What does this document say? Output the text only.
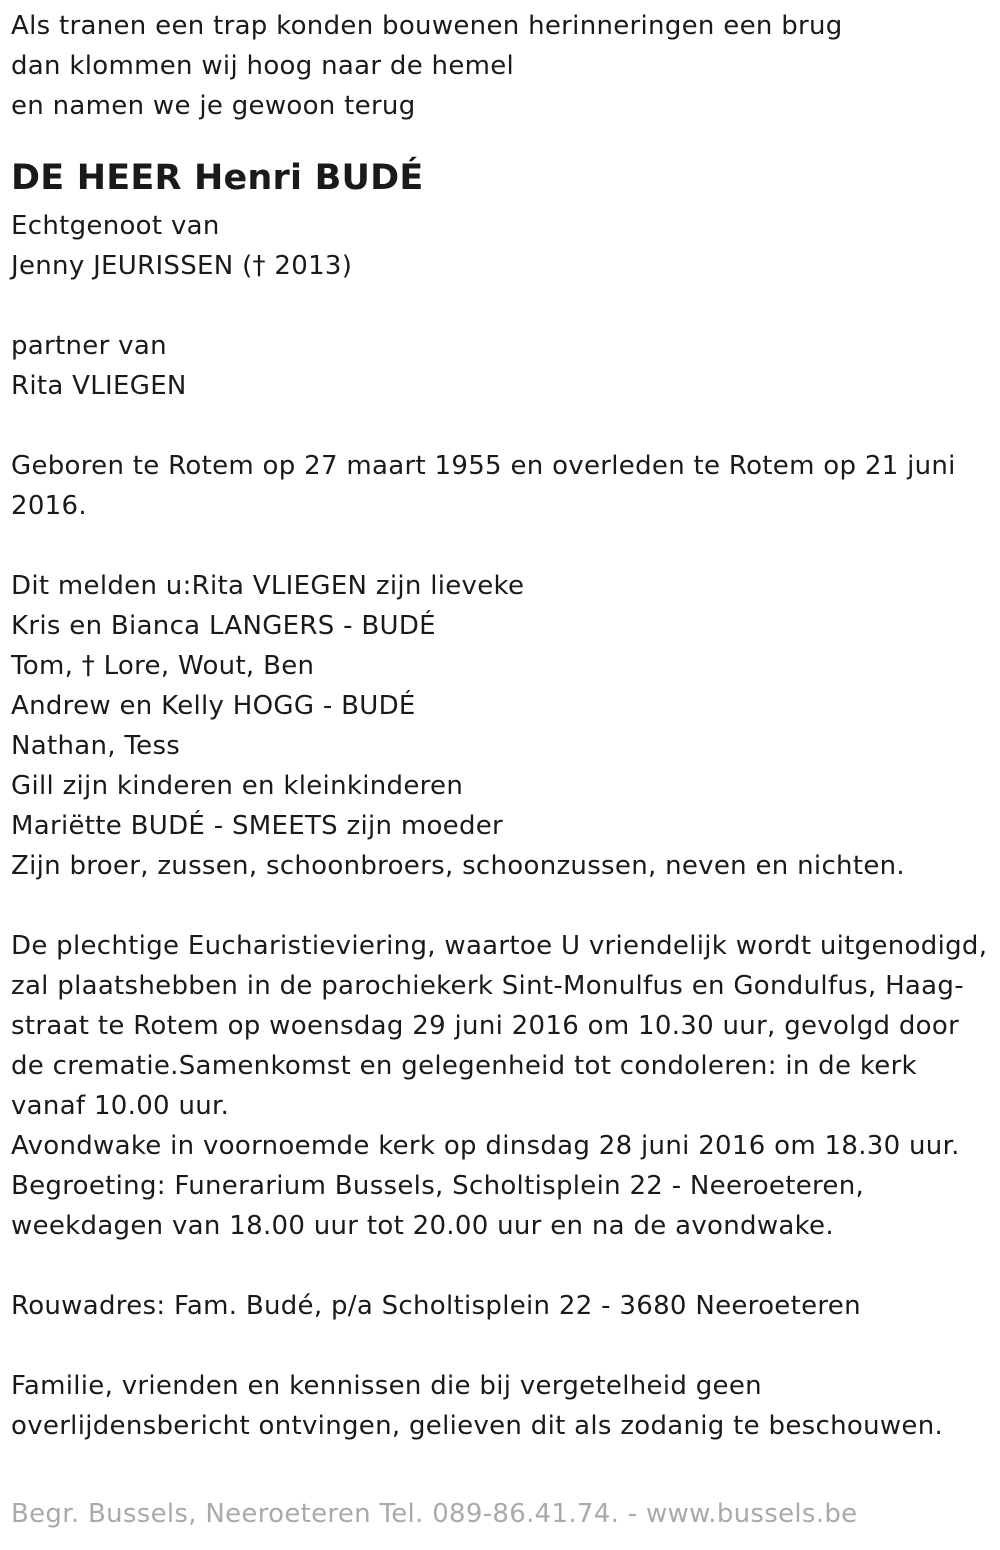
Als tranen een trap konden bouwenen herinneringen een brug
dan klommen wij hoog naar de hemel
en namen we je gewoon terug
DE HEER Henri BUDÉ
Echtgenoot van
Jenny JEURISSEN († 2013)
partner van
Rita VLIEGEN
Geboren te Rotem op 27 maart 1955 en overleden te Rotem op 21 juni
2016.
Dit melden u:Rita VLIEGEN zijn lieveke
Kris en Bianca LANGERS - BUDÉ
Tom, † Lore, Wout, Ben
Andrew en Kelly HOGG - BUDÉ
Nathan, Tess
Gill zijn kinderen en kleinkinderen
Mariëtte BUDÉ - SMEETS zijn moeder
Zijn broer, zussen, schoonbroers, schoonzussen, neven en nichten.
De plechtige Eucharistieviering, waartoe U vriendelijk wordt uitgenodigd,
zal plaatshebben in de parochiekerk Sint-Monulfus en Gondulfus, Haag-
straat te Rotem op woensdag 29 juni 2016 om 10.30 uur, gevolgd door
de crematie.Samenkomst en gelegenheid tot condoleren: in de kerk
vanaf 10.00 uur.
Avondwake in voornoemde kerk op dinsdag 28 juni 2016 om 18.30 uur.
Begroeting: Funerarium Bussels, Scholtisplein 22 - Neeroeteren,
weekdagen van 18.00 uur tot 20.00 uur en na de avondwake.
Rouwadres: Fam. Budé, p/a Scholtisplein 22 - 3680 Neeroeteren
Familie, vrienden en kennissen die bij vergetelheid geen
overlijdensbericht ontvingen, gelieven dit als zodanig te beschouwen.
Begr. Bussels, Neeroeteren Tel. 089-86.41.74. - www.bussels.be
